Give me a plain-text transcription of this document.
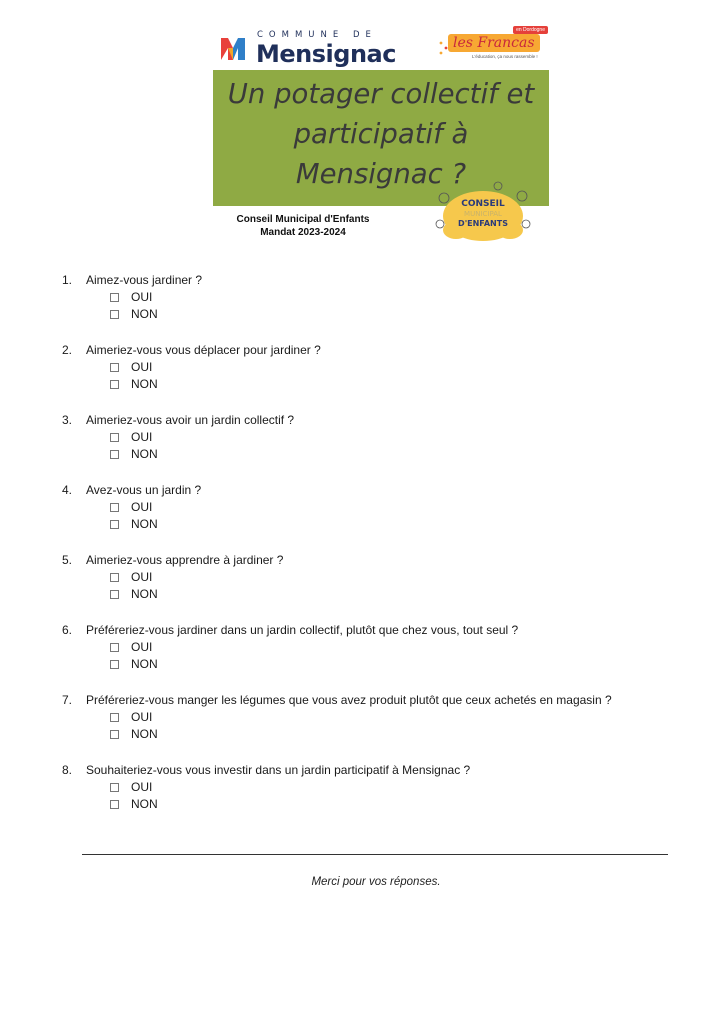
COMMUNE DE
Mensignac
en Dordogne
les Francas
L'éducation, ça nous rassemble !
Un potager collectif et
participatif à
Mensignac ?
Conseil Municipal d'Enfants
Mandat 2023-2024
CONSEIL
MUNICIPAL
D'ENFANTS
1.	Aimez-vous jardiner ?
OUI
NON
2.	Aimeriez-vous vous déplacer pour jardiner ?
OUI
NON
3.	Aimeriez-vous avoir un jardin collectif ?
OUI
NON
4.	Avez-vous un jardin ?
OUI
NON
5.	Aimeriez-vous apprendre à jardiner ?
OUI
NON
6.	Préféreriez-vous jardiner dans un jardin collectif, plutôt que chez vous, tout seul ?
OUI
NON
7.	Préféreriez-vous manger les légumes que vous avez produit plutôt que ceux achetés en magasin ?
OUI
NON
8.	Souhaiteriez-vous vous investir dans un jardin participatif à Mensignac ?
OUI
NON
Merci pour vos réponses.
